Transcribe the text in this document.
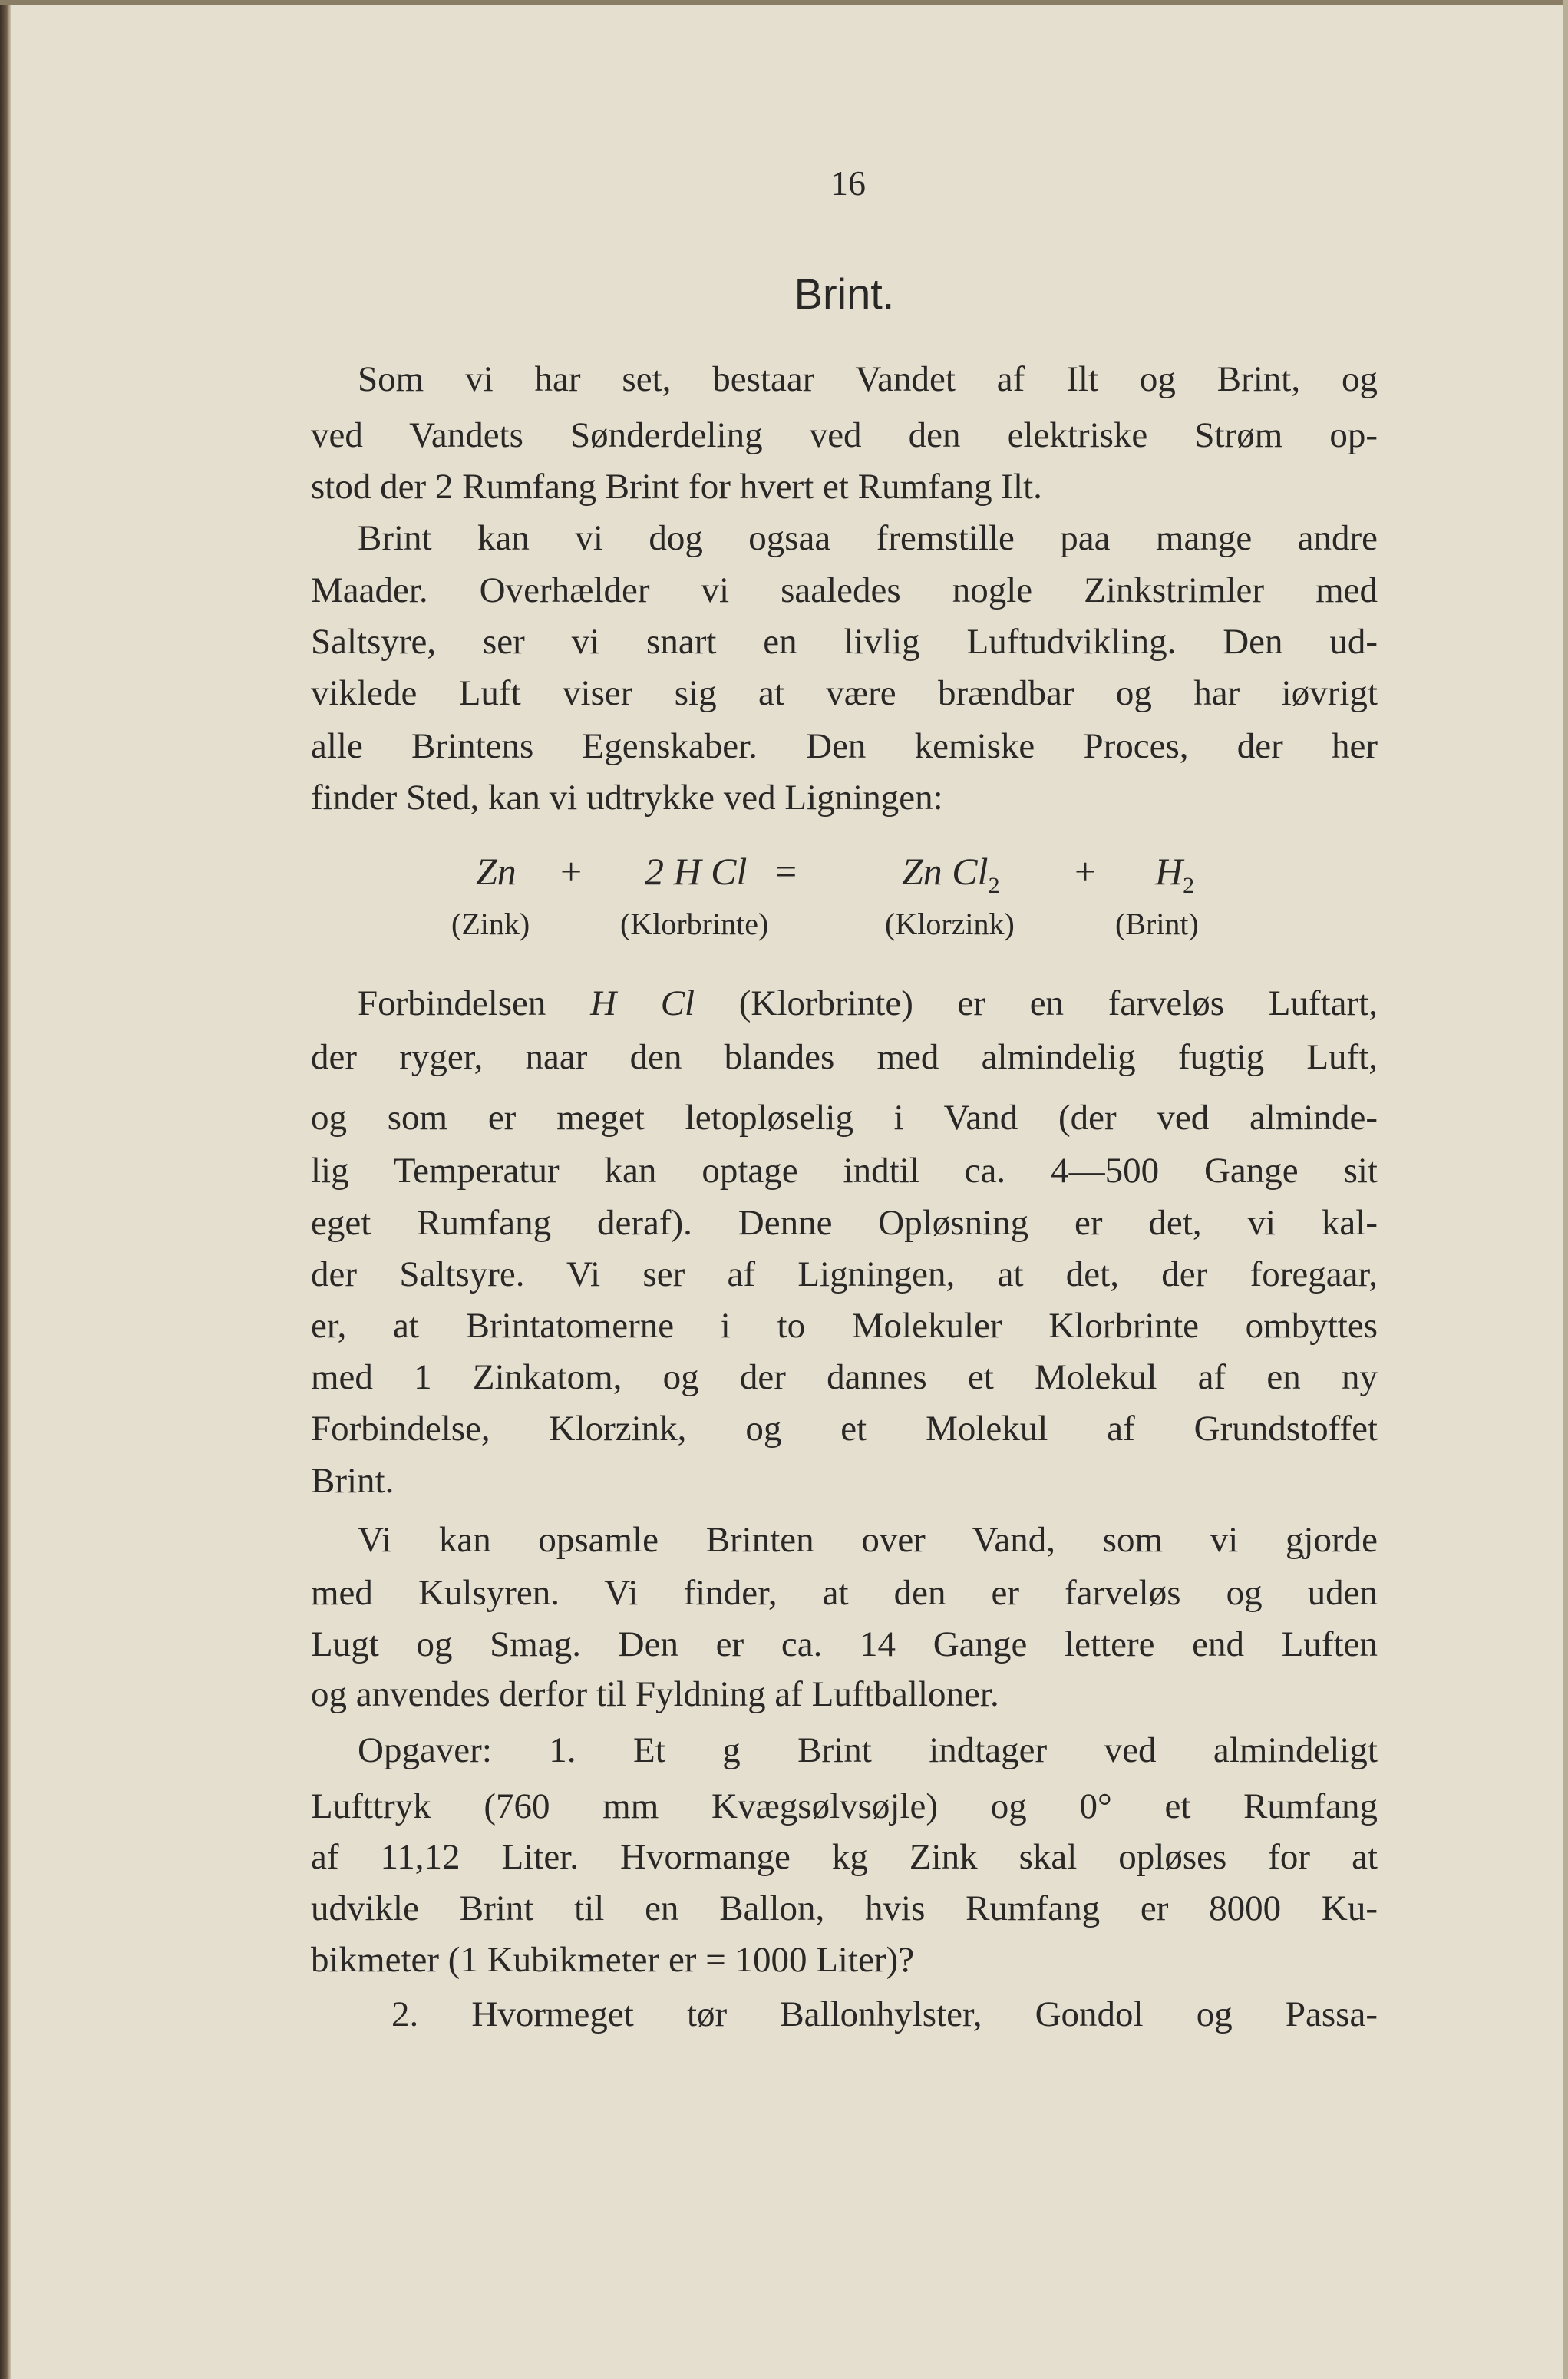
16
Brint.
Som vi har set, bestaar Vandet af Ilt og Brint, og
ved Vandets Sønderdeling ved den elektriske Strøm op-
stod der 2 Rumfang Brint for hvert et Rumfang Ilt.
Brint kan vi dog ogsaa fremstille paa mange andre
Maader. Overhælder vi saaledes nogle Zinkstrimler med
Saltsyre, ser vi snart en livlig Luftudvikling. Den ud-
viklede Luft viser sig at være brændbar og har iøvrigt
alle Brintens Egenskaber. Den kemiske Proces, der her
finder Sted, kan vi udtrykke ved Ligningen:
der ryger, naar den blandes med almindelig fugtig Luft,
og som er meget letopløselig i Vand (der ved alminde-
lig Temperatur kan optage indtil ca. 4—500 Gange sit
eget Rumfang deraf). Denne Opløsning er det, vi kal-
der Saltsyre. Vi ser af Ligningen, at det, der foregaar,
er, at Brintatomerne i to Molekuler Klorbrinte ombyttes
med 1 Zinkatom, og der dannes et Molekul af en ny
Forbindelse, Klorzink, og et Molekul af Grundstoffet
Brint.
Vi kan opsamle Brinten over Vand, som vi gjorde
med Kulsyren. Vi finder, at den er farveløs og uden
Lugt og Smag. Den er ca. 14 Gange lettere end Luften
og anvendes derfor til Fyldning af Luftballoner.
Opgaver: 1. Et g Brint indtager ved almindeligt
Lufttryk (760 mm Kvægsølvsøjle) og 0° et Rumfang
af 11,12 Liter. Hvormange kg Zink skal opløses for at
udvikle Brint til en Ballon, hvis Rumfang er 8000 Ku-
bikmeter (1 Kubikmeter er = 1000 Liter)?
2. Hvormeget tør Ballonhylster, Gondol og Passa-
Zn + 2 H Cl =	Zn $Cl_2 + H_2$
(Zink)	(Klorbrinte)	(Klorzink)	(Brint)
Forbindelsen H Cl (Klorbrinte) er en farveløs Luftart,
